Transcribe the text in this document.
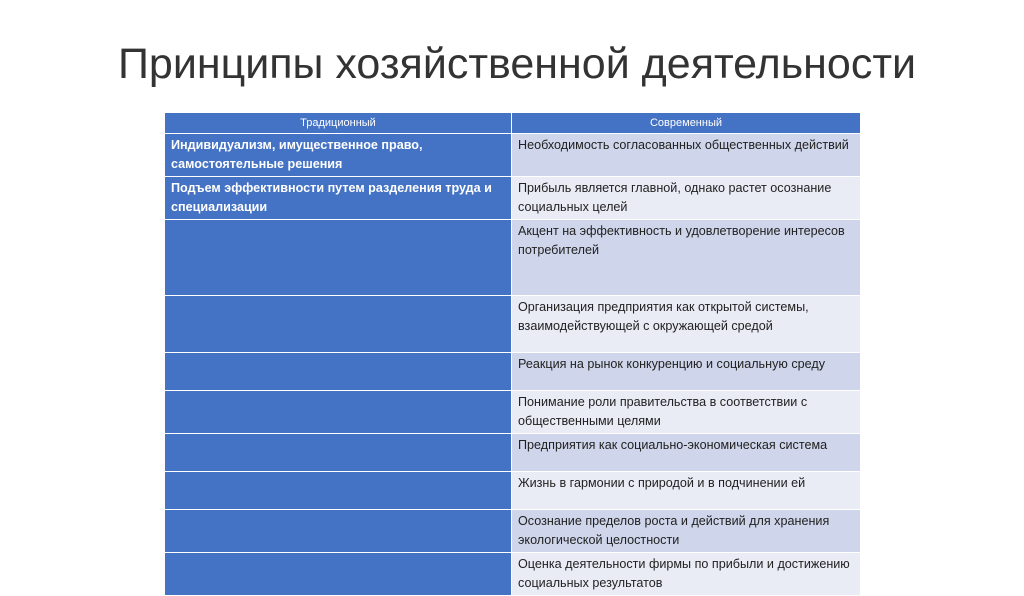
Принципы хозяйственной деятельности
Традиционный	Современный
Индивидуализм, имущественное право, самостоятельные решения	Необходимость согласованных общественных действий
Подъем эффективности путем разделения труда и специализации	Прибыль является главной, однако растет осознание социальных целей
	Акцент на эффективность и удовлетворение интересов потребителей
	Организация предприятия как открытой системы, взаимодействующей с окружающей средой
	Реакция на рынок конкуренцию и социальную среду
	Понимание роли правительства в соответствии с общественными целями
	Предприятия как социально-экономическая система
	Жизнь в гармонии с природой и в подчинении ей
	Осознание пределов роста и действий для хранения экологической целостности
	Оценка деятельности фирмы по прибыли и достижению социальных результатов
